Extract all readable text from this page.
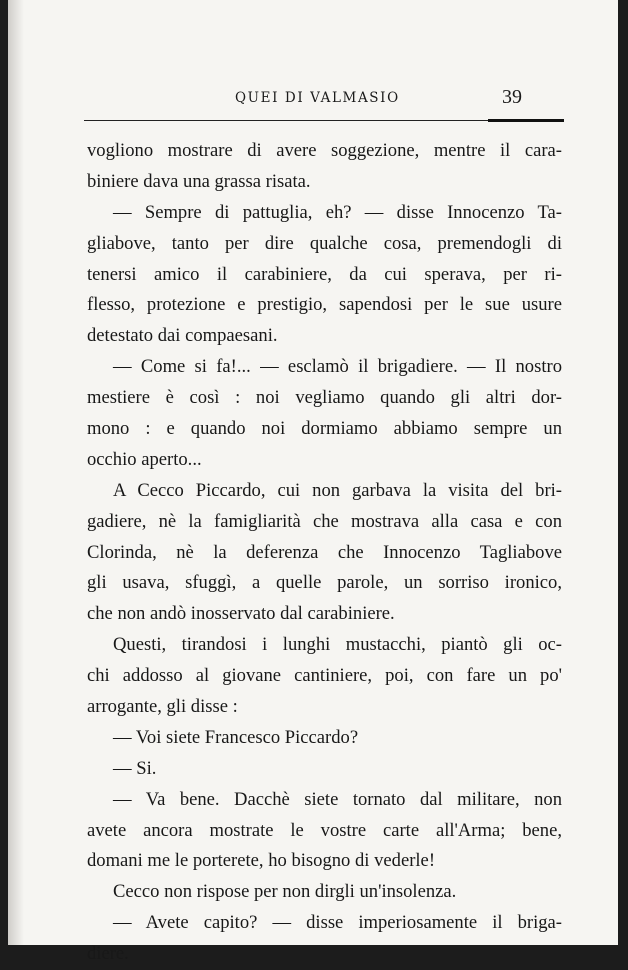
QUEI DI VALMASIO	39
vogliono mostrare di avere soggezione, mentre il cara-
biniere dava una grassa risata.
— Sempre di pattuglia, eh? — disse Innocenzo Ta-
gliabove, tanto per dire qualche cosa, premendogli di
tenersi amico il carabiniere, da cui sperava, per ri-
flesso, protezione e prestigio, sapendosi per le sue usure
detestato dai compaesani.
— Come si fa!... — esclamò il brigadiere. — Il nostro
mestiere è così : noi vegliamo quando gli altri dor-
mono : e quando noi dormiamo abbiamo sempre un
occhio aperto...
A Cecco Piccardo, cui non garbava la visita del bri-
gadiere, nè la famigliarità che mostrava alla casa e con
Clorinda, nè la deferenza che Innocenzo Tagliabove
gli usava, sfuggì, a quelle parole, un sorriso ironico,
che non andò inosservato dal carabiniere.
Questi, tirandosi i lunghi mustacchi, piantò gli oc-
chi addosso al giovane cantiniere, poi, con fare un po'
arrogante, gli disse :
— Voi siete Francesco Piccardo?
— Si.
— Va bene. Dacchè siete tornato dal militare, non
avete ancora mostrate le vostre carte all'Arma; bene,
domani me le porterete, ho bisogno di vederle!
Cecco non rispose per non dirgli un'insolenza.
— Avete capito? — disse imperiosamente il briga-
diere.
